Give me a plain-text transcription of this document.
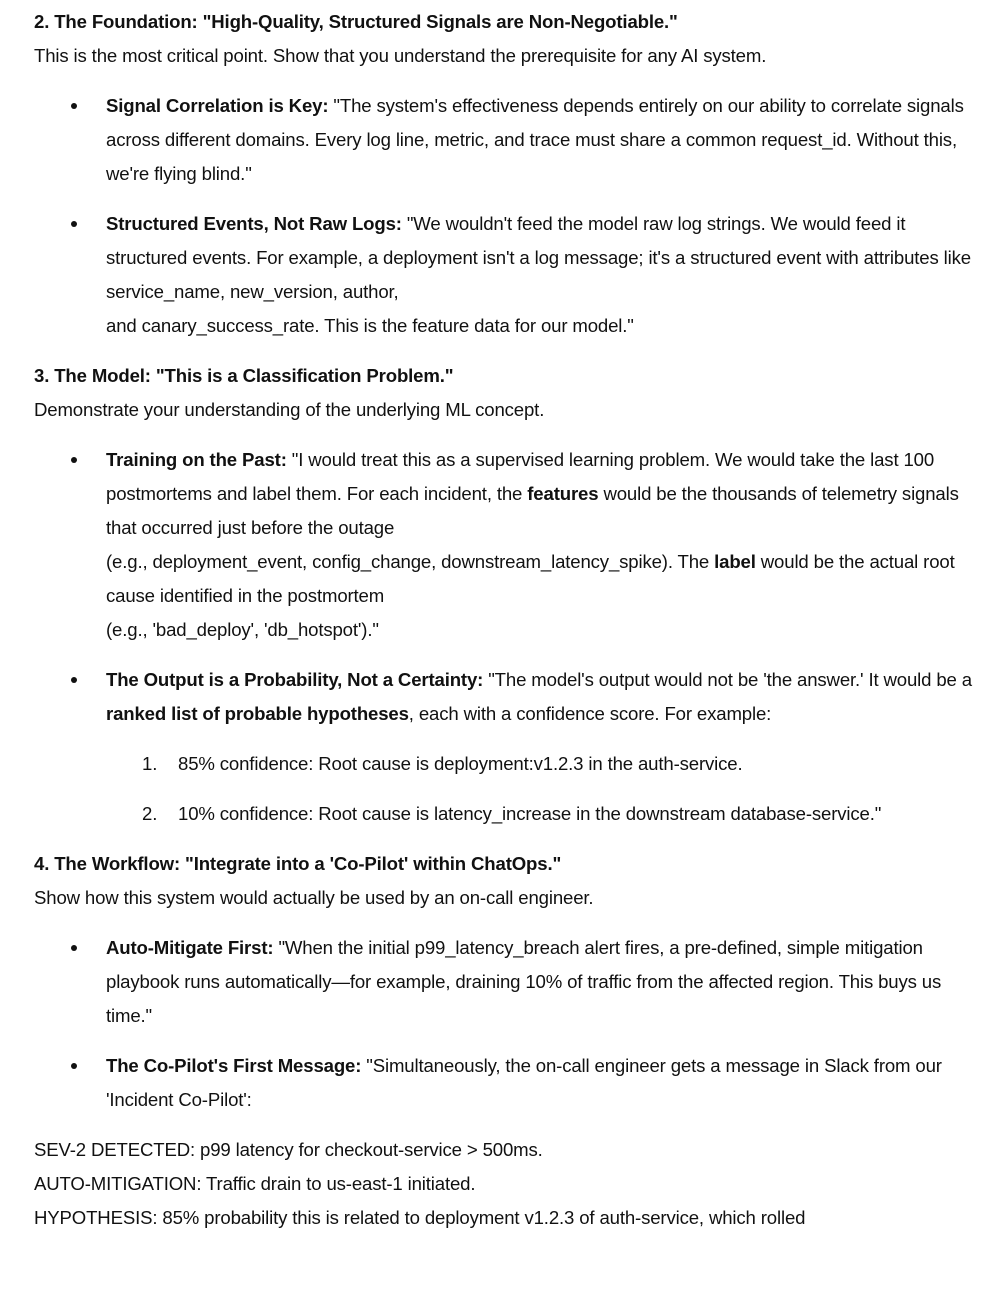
2. The Foundation: "High-Quality, Structured Signals are Non-Negotiable."

This is the most critical point. Show that you understand the prerequisite for any AI system.

Signal Correlation is Key: "The system's effectiveness depends entirely on our ability to correlate signals across different domains. Every log line, metric, and trace must share a common request_id. Without this, we're flying blind."
Structured Events, Not Raw Logs: "We wouldn't feed the model raw log strings. We would feed it structured events. For example, a deployment isn't a log message; it's a structured event with attributes like service_name, new_version, author,
and canary_success_rate. This is the feature data for our model."

3. The Model: "This is a Classification Problem."

Demonstrate your understanding of the underlying ML concept.

Training on the Past: "I would treat this as a supervised learning problem. We would take the last 100 postmortems and label them. For each incident, the features would be the thousands of telemetry signals that occurred just before the outage
(e.g., deployment_event, config_change, downstream_latency_spike). The label would be the actual root cause identified in the postmortem
(e.g., 'bad_deploy', 'db_hotspot')."
The Output is a Probability, Not a Certainty: "The model's output would not be 'the answer.' It would be a ranked list of probable hypotheses, each with a confidence score. For example:
1. 85% confidence: Root cause is deployment:v1.2.3 in the auth-service.
2. 10% confidence: Root cause is latency_increase in the downstream database-service."

4. The Workflow: "Integrate into a 'Co-Pilot' within ChatOps."

Show how this system would actually be used by an on-call engineer.

Auto-Mitigate First: "When the initial p99_latency_breach alert fires, a pre-defined, simple mitigation playbook runs automatically—for example, draining 10% of traffic from the affected region. This buys us time."
The Co-Pilot's First Message: "Simultaneously, the on-call engineer gets a message in Slack from our 'Incident Co-Pilot':

SEV-2 DETECTED: p99 latency for checkout-service > 500ms.

AUTO-MITIGATION: Traffic drain to us-east-1 initiated.

HYPOTHESIS: 85% probability this is related to deployment v1.2.3 of auth-service, which rolled
